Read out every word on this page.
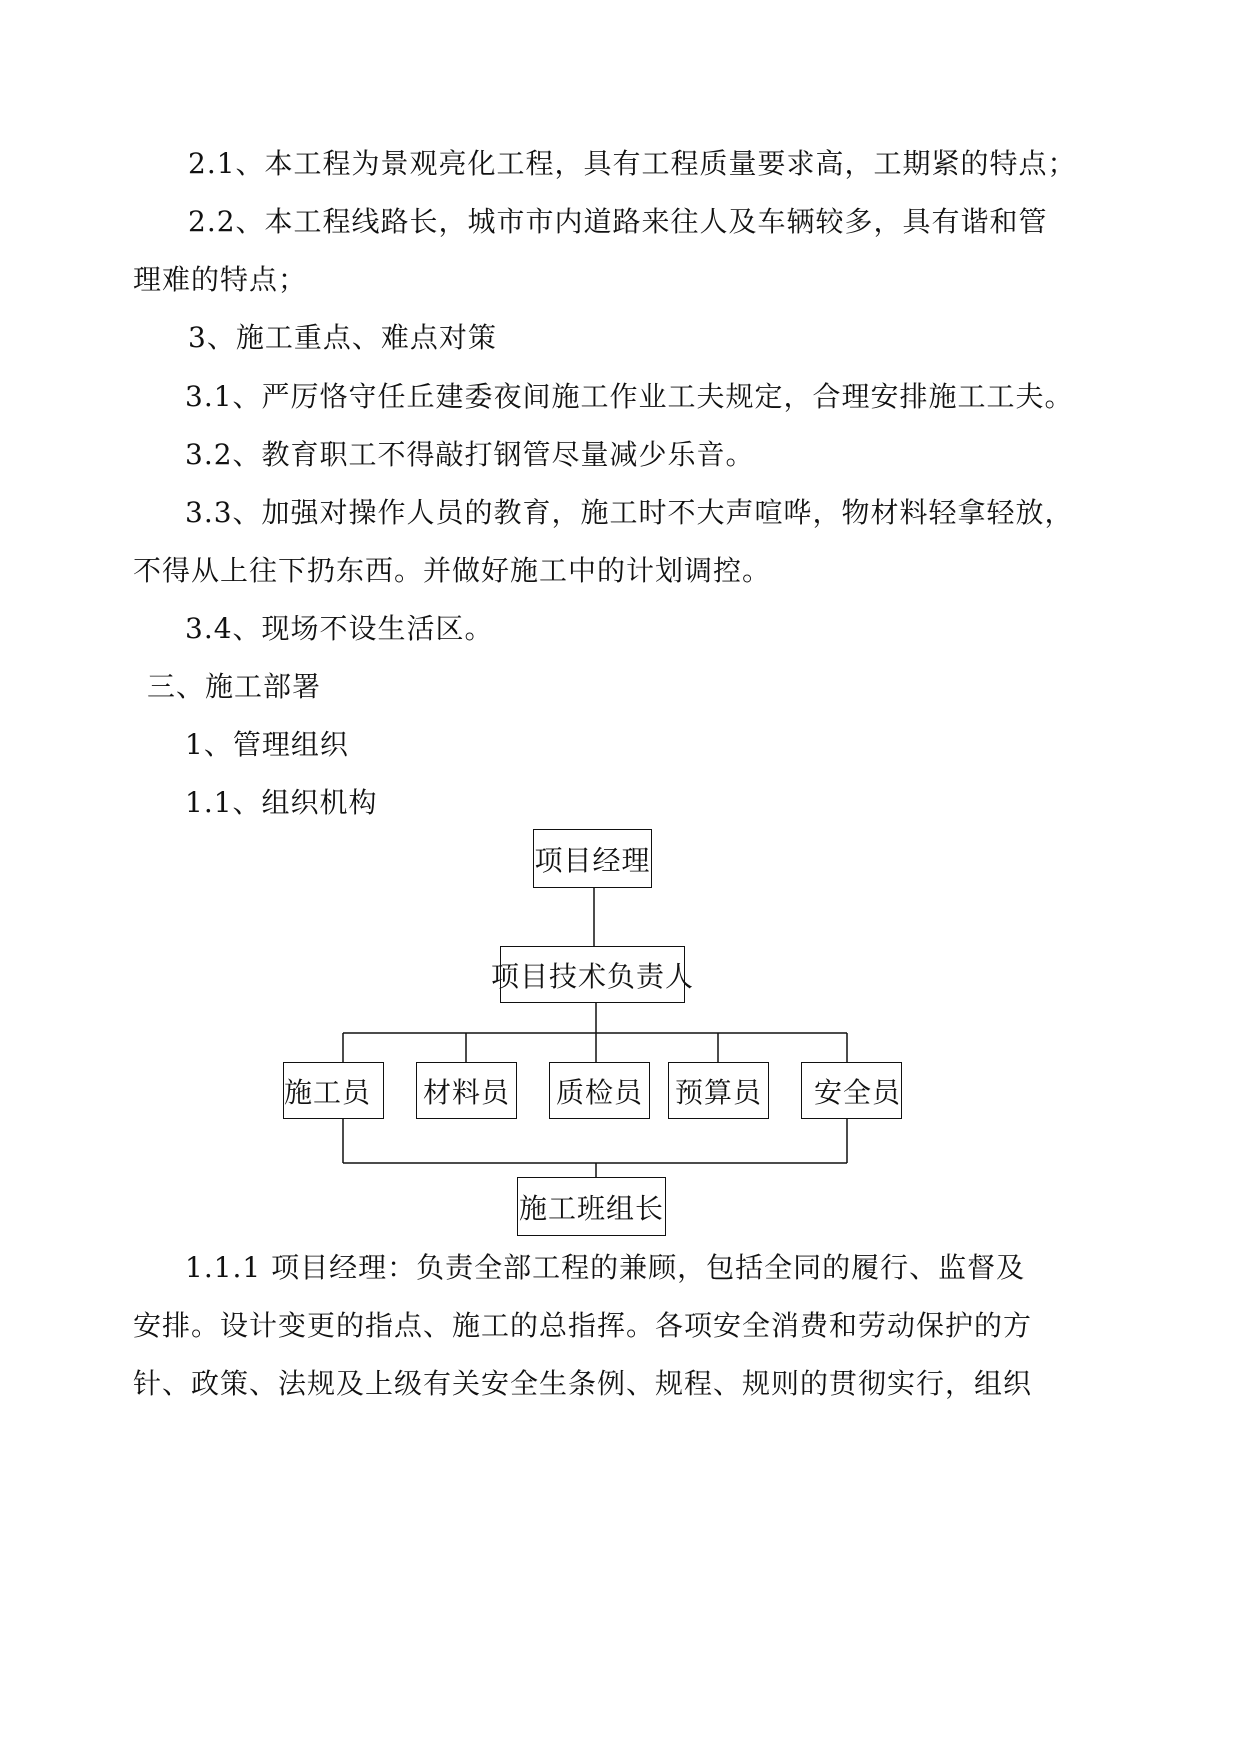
2.1、本工程为景观亮化工程，具有工程质量要求高，工期紧的特点；
2.2、本工程线路长，城市市内道路来往人及车辆较多，具有谐和管
理难的特点；
3、施工重点、难点对策
3.1、严厉恪守任丘建委夜间施工作业工夫规定，合理安排施工工夫。
3.2、教育职工不得敲打钢管尽量减少乐音。
3.3、加强对操作人员的教育，施工时不大声喧哗，物材料轻拿轻放，
不得从上往下扔东西。并做好施工中的计划调控。
3.4、现场不设生活区。
三、施工部署
1、管理组织
1.1、组织机构
项目经理
项目技术负责人
施工员	材料员 质检员 预算员	安全员
施工班组长
1.1.1 项目经理：负责全部工程的兼顾，包括全同的履行、监督及
安排。设计变更的指点、施工的总指挥。各项安全消费和劳动保护的方
针、政策、法规及上级有关安全生条例、规程、规则的贯彻实行，组织
